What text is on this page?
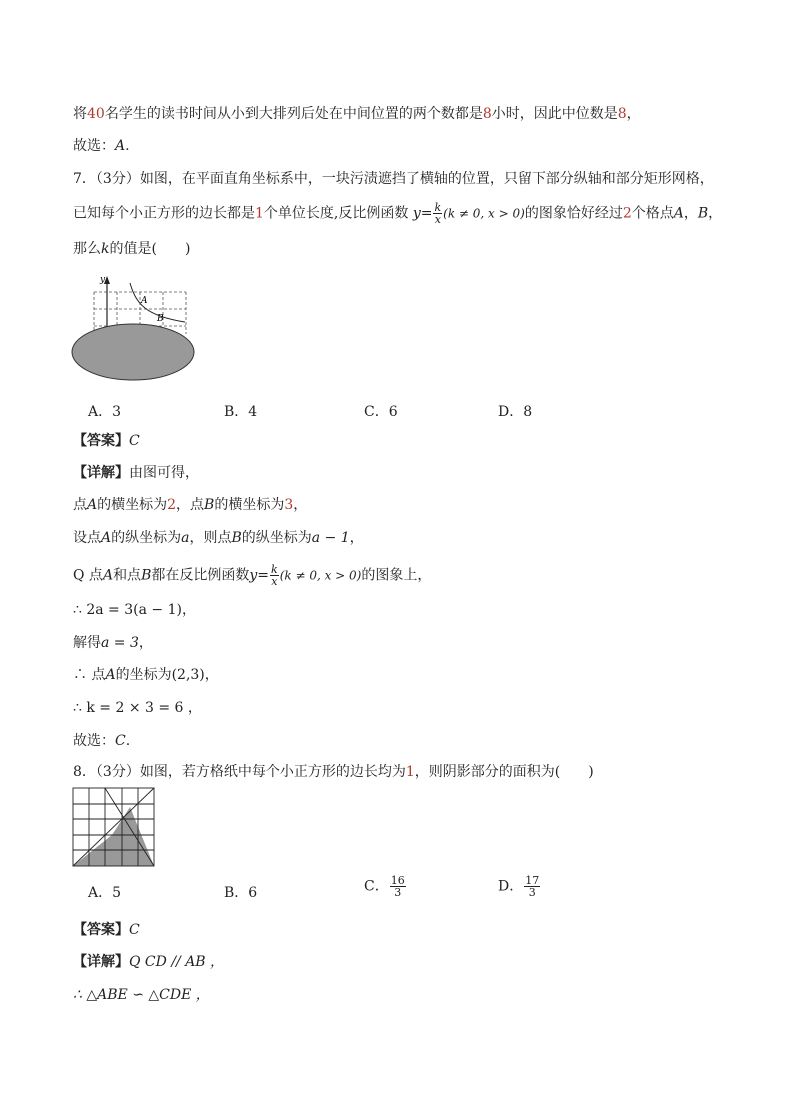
将40名学生的读书时间从小到大排列后处在中间位置的两个数都是8小时，因此中位数是8，
故选：A.
7．（3分）如图，在平面直角坐标系中，一块污渍遮挡了横轴的位置，只留下部分纵轴和部分矩形网格，
已知每个小正方形的边长都是1个单位长度,反比例函数 $y= \frac{k}{x} (k \ne 0$, x > 0)的图象恰好经过2个格点A，B，
那么k的值是(　　)
y
A
B
A．3	B．4	C．6	D．8
【答案】C
【详解】由图可得，
点A的横坐标为2，点B的横坐标为3，
设点A的纵坐标为a，则点B的纵坐标为a − 1，
Q 点A和点B都在反比例函数$y= \frac{k}{x} (k \ne 0$, x > 0)的图象上，
∴ 2a = 3(a − 1)，
解得a = 3，
∴ 点A的坐标为(2,3)，
∴ k = 2 × 3 = 6 ，
故选：C.
8．（3分）如图，若方格纸中每个小正方形的边长均为1，则阴影部分的面积为(　　)
A．5	B．6	C． $\frac{16}{3}$	D． $\frac{17}{3}$
【答案】C
【详解】Q CD // AB ，
∴ △ABE ∽ △CDE ，
